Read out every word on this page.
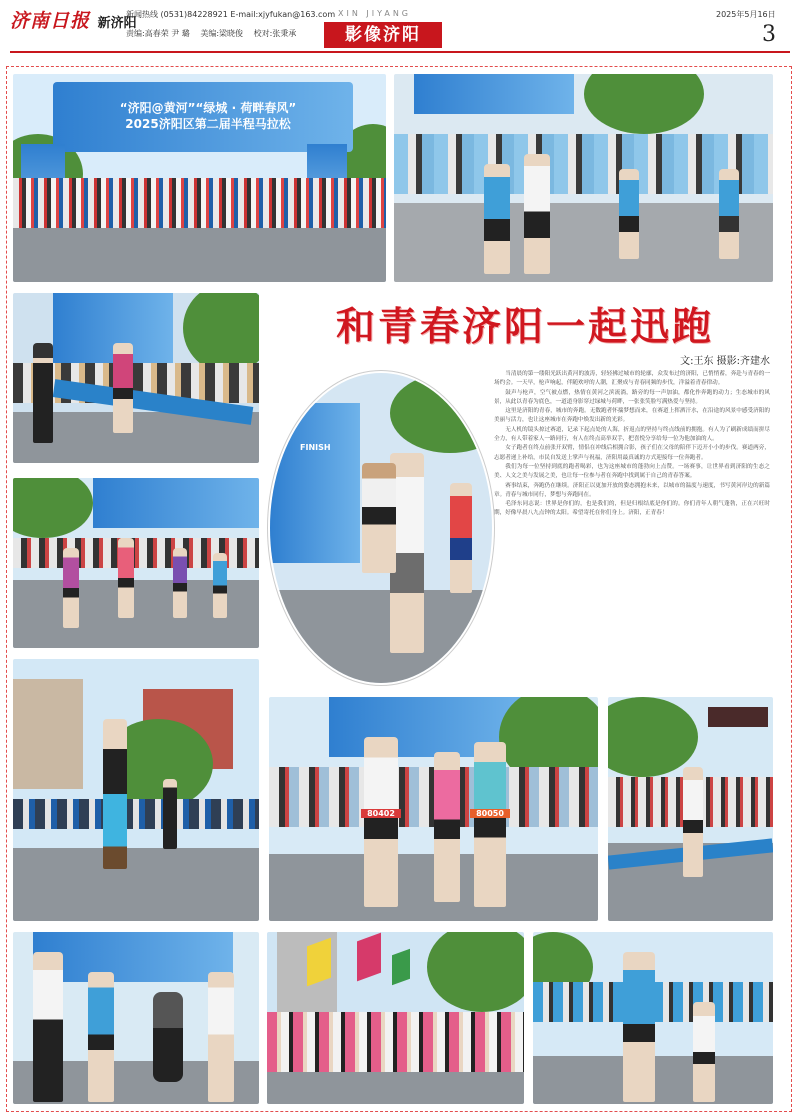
济南日报 新济阳
新闻热线 (0531)84228921 E-mail:xjyfukan@163.com
责编:高春荣 尹 璐 美编:梁晓俊 校对:张秉承
XIN JIYANG
影像济阳
2025年5月16日
3
“济阳@黄河”“绿城 · 荷畔春风”
2025济阳区第二届半程马拉松
和青春济阳一起迅跑
文:王东 摄影:齐建水
FINISH

当清晨的第一缕阳光跃出黄河的波涛，轻轻拂过城市的轮廓，众发布过的济阳，已悄悄蓄，奔赴与青春的一场约会。一天早，枪声响起，伴随欢呼的人潮，汇聚成与青春同频的步伐，洋溢着青春律动。

鼓声与枪声，空气被点燃，热情在黄河之滨流淌，路旁的每一声加油，都化作奔跑的动力；生态城市的风景，从此以青春为底色，一道道身影穿过绿城与荷畔，一张张笑脸写满热爱与坚持。

这里是济阳的青春，城市的奔跑。无数跑者怀揣梦想而来，在赛道上挥洒汗水，在沿途的风景中感受济阳的美丽与活力，也让这座城市在奔跑中焕发出新的光彩。

无人机的镜头掠过赛道，记录下起点处的人海，折返点的坚持与终点线前的拥抱。有人为了刷新成绩而拼尽全力，有人带着家人一路同行，有人在终点高举双手，把喜悦分享给每一位为他加油的人。

女子跑者在终点前张开双臂，情侣在冲线后相拥合影，孩子们在父母的陪伴下迈开小小的步伐。赛道两旁，志愿者递上补给，市民自发送上掌声与祝福，济阳用最真诚的方式迎接每一位奔跑者。

我们为每一位坚持到底的跑者喝彩，也为这座城市的蓬勃向上点赞。一场赛事，让世界看到济阳的生态之美、人文之美与发展之美，也让每一位参与者在奔跑中找到属于自己的青春答案。

赛事结束，奔跑仍在继续。济阳正以更加开放的姿态拥抱未来，以城市的温度与速度，书写黄河岸边的新篇章。青春与城市同行，梦想与奔跑同在。

毛泽东同志说：世界是你们的，也是我们的，但是归根结底是你们的。你们青年人朝气蓬勃，正在兴旺时期，好像早晨八九点钟的太阳。希望寄托在你们身上。济阳，正青春！

80402	80050
